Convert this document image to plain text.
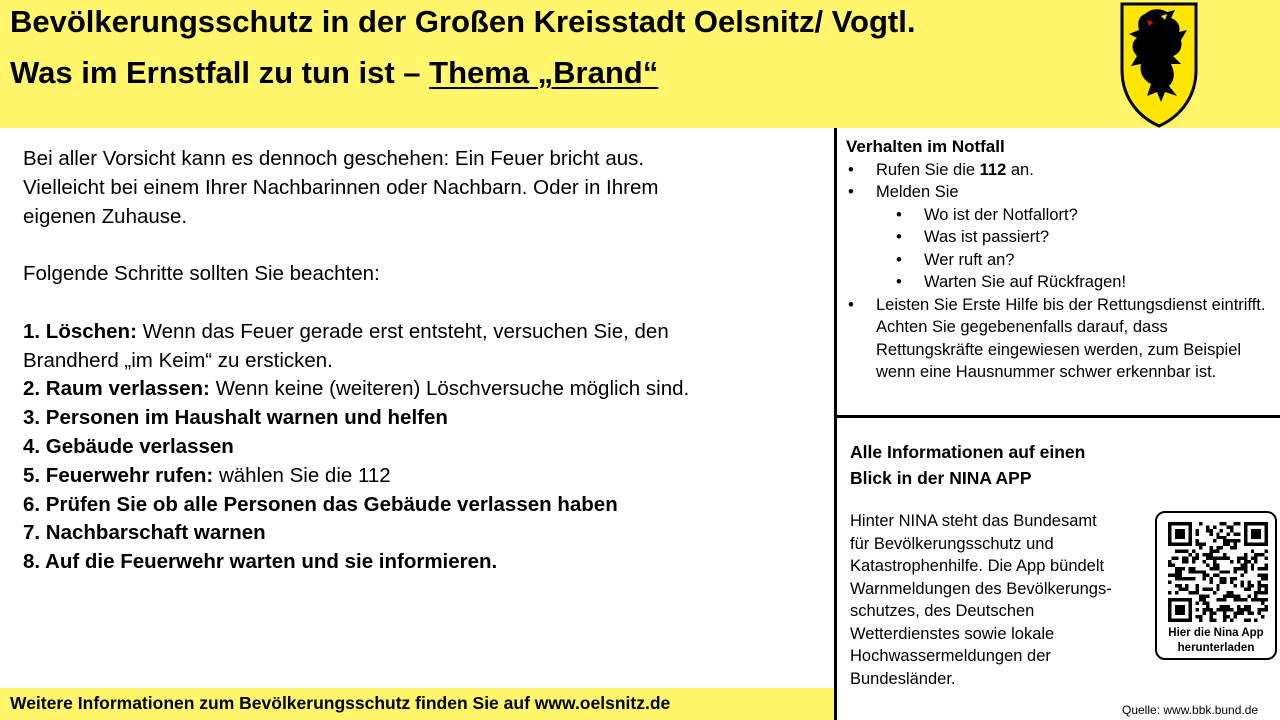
Bevölkerungsschutz in der Großen Kreisstadt Oelsnitz/ Vogtl.
Was im Ernstfall zu tun ist – Thema „Brand“

Bei aller Vorsicht kann es dennoch geschehen: Ein Feuer bricht aus.

Vielleicht bei einem Ihrer Nachbarinnen oder Nachbarn. Oder in Ihrem

eigenen Zuhause.

Folgende Schritte sollten Sie beachten:

1. Löschen: Wenn das Feuer gerade erst entsteht, versuchen Sie, den

Brandherd „im Keim“ zu ersticken.

2. Raum verlassen: Wenn keine (weiteren) Löschversuche möglich sind.

3. Personen im Haushalt warnen und helfen

4. Gebäude verlassen

5. Feuerwehr rufen: wählen Sie die 112

6. Prüfen Sie ob alle Personen das Gebäude verlassen haben

7. Nachbarschaft warnen

8. Auf die Feuerwehr warten und sie informieren.

Verhalten im Notfall
• Rufen Sie die 112 an.
• Melden Sie
• Wo ist der Notfallort?
• Was ist passiert?
• Wer ruft an?
• Warten Sie auf Rückfragen!
• Leisten Sie Erste Hilfe bis der Rettungsdienst eintrifft. Achten Sie gegebenenfalls darauf, dass Rettungskräfte eingewiesen werden, zum Beispiel wenn eine Hausnummer schwer erkennbar ist.
Alle Informationen auf einen
Blick in der NINA APP
Hinter NINA steht das Bundesamt
für Bevölkerungsschutz und
Katastrophenhilfe. Die App bündelt
Warnmeldungen des Bevölkerungs-
schutzes, des Deutschen
Wetterdienstes sowie lokale
Hochwassermeldungen der
Bundesländer.
Hier die Nina App
herunterladen
Weitere Informationen zum Bevölkerungsschutz finden Sie auf www.oelsnitz.de	Quelle: www.bbk.bund.de
